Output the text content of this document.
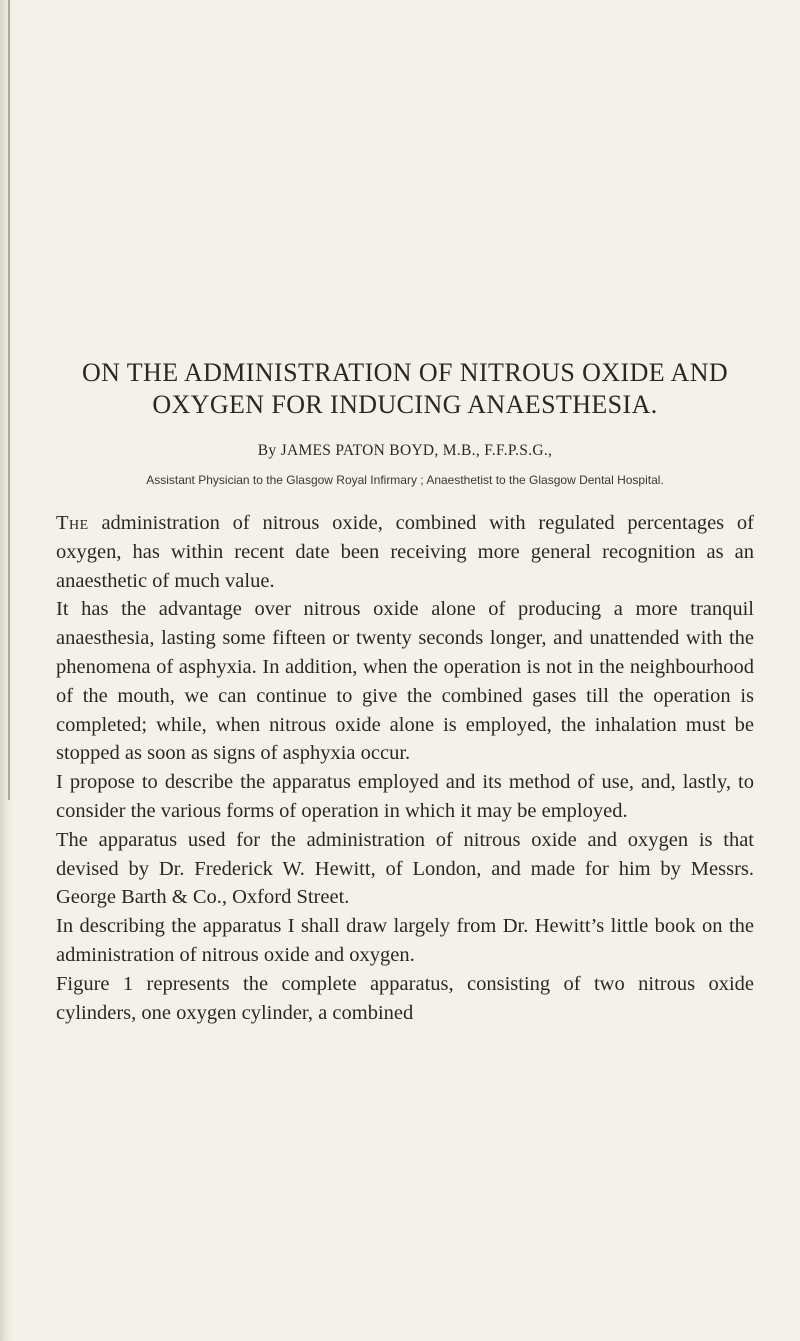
ON THE ADMINISTRATION OF NITROUS OXIDE AND OXYGEN FOR INDUCING ANAESTHESIA.

By JAMES PATON BOYD, M.B., F.F.P.S.G.,

Assistant Physician to the Glasgow Royal Infirmary ; Anaesthetist to the Glasgow Dental Hospital.

The administration of nitrous oxide, combined with regulated percentages of oxygen, has within recent date been receiving more general recognition as an anaesthetic of much value.

It has the advantage over nitrous oxide alone of producing a more tranquil anaesthesia, lasting some fifteen or twenty seconds longer, and unattended with the phenomena of asphyxia. In addition, when the operation is not in the neighbourhood of the mouth, we can continue to give the combined gases till the operation is completed; while, when nitrous oxide alone is employed, the inhalation must be stopped as soon as signs of asphyxia occur.

I propose to describe the apparatus employed and its method of use, and, lastly, to consider the various forms of operation in which it may be employed.

The apparatus used for the administration of nitrous oxide and oxygen is that devised by Dr. Frederick W. Hewitt, of London, and made for him by Messrs. George Barth & Co., Oxford Street.

In describing the apparatus I shall draw largely from Dr. Hewitt’s little book on the administration of nitrous oxide and oxygen.

Figure 1 represents the complete apparatus, consisting of two nitrous oxide cylinders, one oxygen cylinder, a combined
